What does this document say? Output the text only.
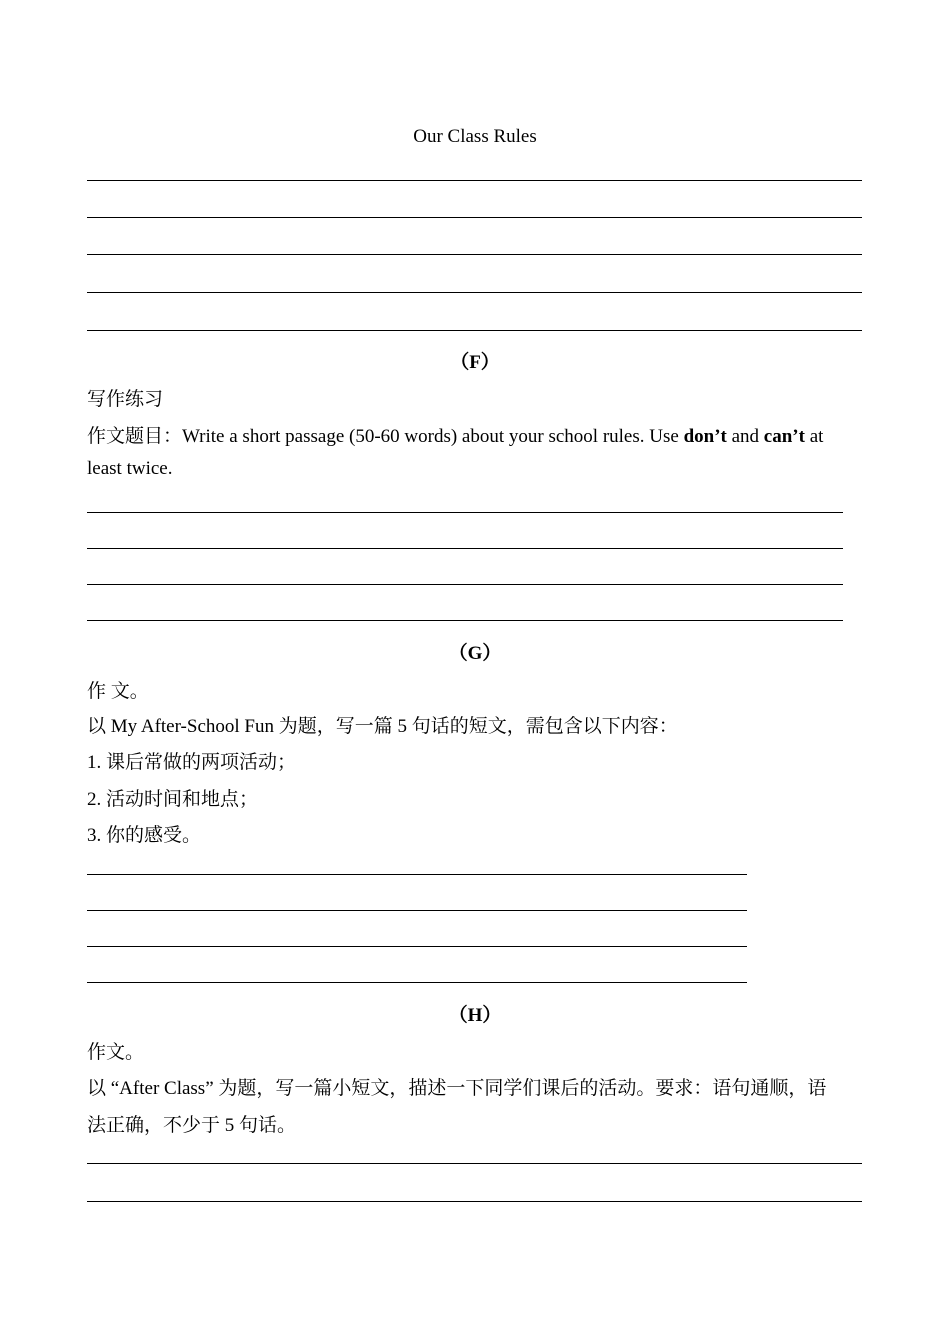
Our Class Rules
（F）
写作练习
作文题目：Write a short passage (50-60 words) about your school rules. Use don’t and can’t at
least twice.
（G）
作 文。
以 My After-School Fun 为题，写一篇 5 句话的短文，需包含以下内容：
1. 课后常做的两项活动；
2. 活动时间和地点；
3. 你的感受。
（H）
作文。
以 “After Class” 为题，写一篇小短文，描述一下同学们课后的活动。要求：语句通顺，语
法正确，不少于 5 句话。
